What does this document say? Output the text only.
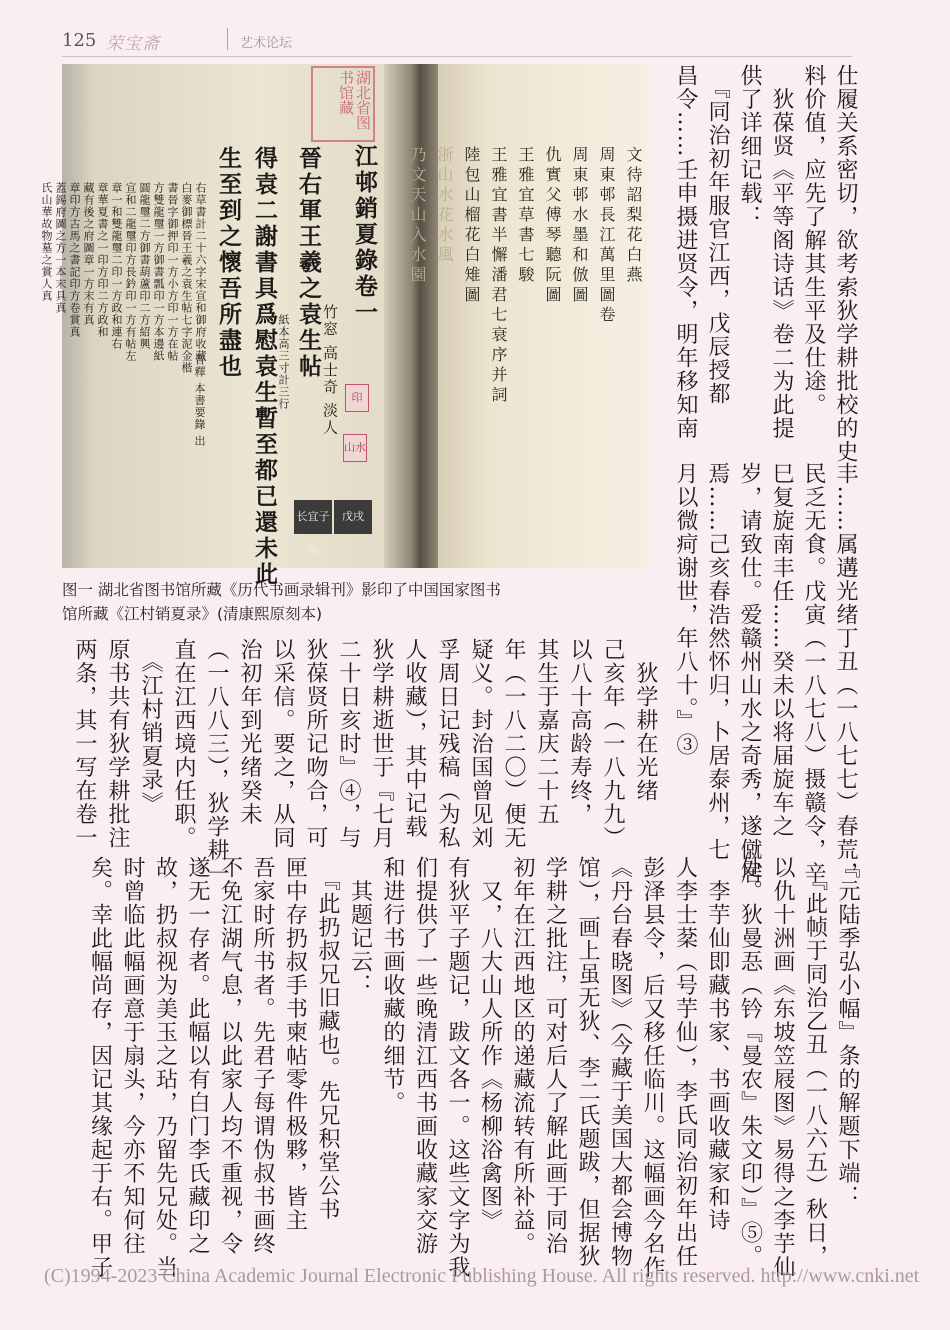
125 荣宝斋	艺术论坛
湖北省图书馆藏
印
山水
长宜子孙
戊戌
江邨銷夏錄卷一
竹窓 高士奇 淡人
晉右軍王羲之袁生帖
紙本高三寸計三行
得袁二謝書具爲慰袁生暫至都已還未此
生至到之懷吾所盡也
音釋 本書要錄 出
右草書計二十六字宋宣和御府收藏
白麥御標晉王羲之袁生帖七字泥金楷
書晉字御押印一方小方印一方在帖
方雙龍璽一方御書瓢印一方本邊紙
圓龍璽二方御書葫蘆印二方紹興
宣和二龍璽印方長鈐印一方有帖左
章一和雙龍璽二印一方政和連右
章華夏書之一印方印二方政和
藏有後之府圖章一方末有真
章印方古馬之書記印方卷賞真
蓋錫府圖之方一本末具真
氏山華故物墓之賞人真	文待詔梨花白燕
周東邨長江萬里圖卷
周東邨水墨和倣圖
仇實父傅琴聽阮圖
王雅宜草書七駿
王雅宜書半懈潘君七衰序并詞
陸包山榴花白雉圖
浙山水花水風
乃文天山入水園
图一 湖北省图书馆所藏《历代书画录辑刊》影印了中国国家图书
馆所藏《江村销夏录》(清康熙原刻本)
仕履关系密切，欲考索狄学耕批校的史
料价值，应先了解其生平及仕途。
　狄葆贤《平等阁诗话》卷二为此提
供了详细记载：
　『同治初年服官江西，戊辰授都
昌令……壬申摄进贤令，明年移知南
丰……属遘光绪丁丑（一八七七）春荒，
民乏无食。戊寅（一八七八）摄赣令，辛
巳复旋南丰任……癸未以将届旋车之
岁，请致仕。爱赣州山水之奇秀，遂僦居
焉……己亥春浩然怀归，卜居泰州，七
月以微疴谢世，年八十。』③
　狄学耕在光绪
己亥年（一八九九）
以八十高龄寿终，
其生于嘉庆二十五
年（一八二〇）便无
疑义。封治国曾见刘
孚周日记残稿（为私
人收藏），其中记载
狄学耕逝世于『七月
二十日亥时』④，与
狄葆贤所记吻合，可
以采信。要之，从同
治初年到光绪癸未
（一八八三），狄学耕一
直在江西境内任职。
　《江村销夏录》
原书共有狄学耕批注
两条，其一写在卷一
『元陆季弘小幅』条的解题下端：
　『此帧于同治乙丑（一八六五）秋日，
以仇十洲画《东坡笠屐图》易得之李芋仙
处。狄曼忢（钤『曼农』朱文印）』⑤。
　李芋仙即藏书家、书画收藏家和诗
人李士棻（号芋仙），李氏同治初年出任
彭泽县令，后又移任临川。这幅画今名作
《丹台春晓图》（今藏于美国大都会博物
馆），画上虽无狄、李二氏题跋，但据狄
学耕之批注，可对后人了解此画于同治
初年在江西地区的递藏流转有所补益。
　又，八大山人所作《杨柳浴禽图》
有狄平子题记，跋文各一。这些文字为我
们提供了一些晚清江西书画收藏家交游
和进行书画收藏的细节。
　其题记云：
　『此扔叔兄旧藏也。先兄积堂公书
匣中存扔叔手书柬帖零件极夥，皆主
吾家时所书者。先君子每谓伪叔书画终
不免江湖气息，以此家人均不重视，令
遂无一存者。此幅以有白门李氏藏印之
故，扔叔视为美玉之玷，乃留先兄处。当
时曾临此幅画意于扇头，今亦不知何往
矣。幸此幅尚存，因记其缘起于右。甲子
(C)1994-2023 China Academic Journal Electronic Publishing House. All rights reserved. http://www.cnki.net
